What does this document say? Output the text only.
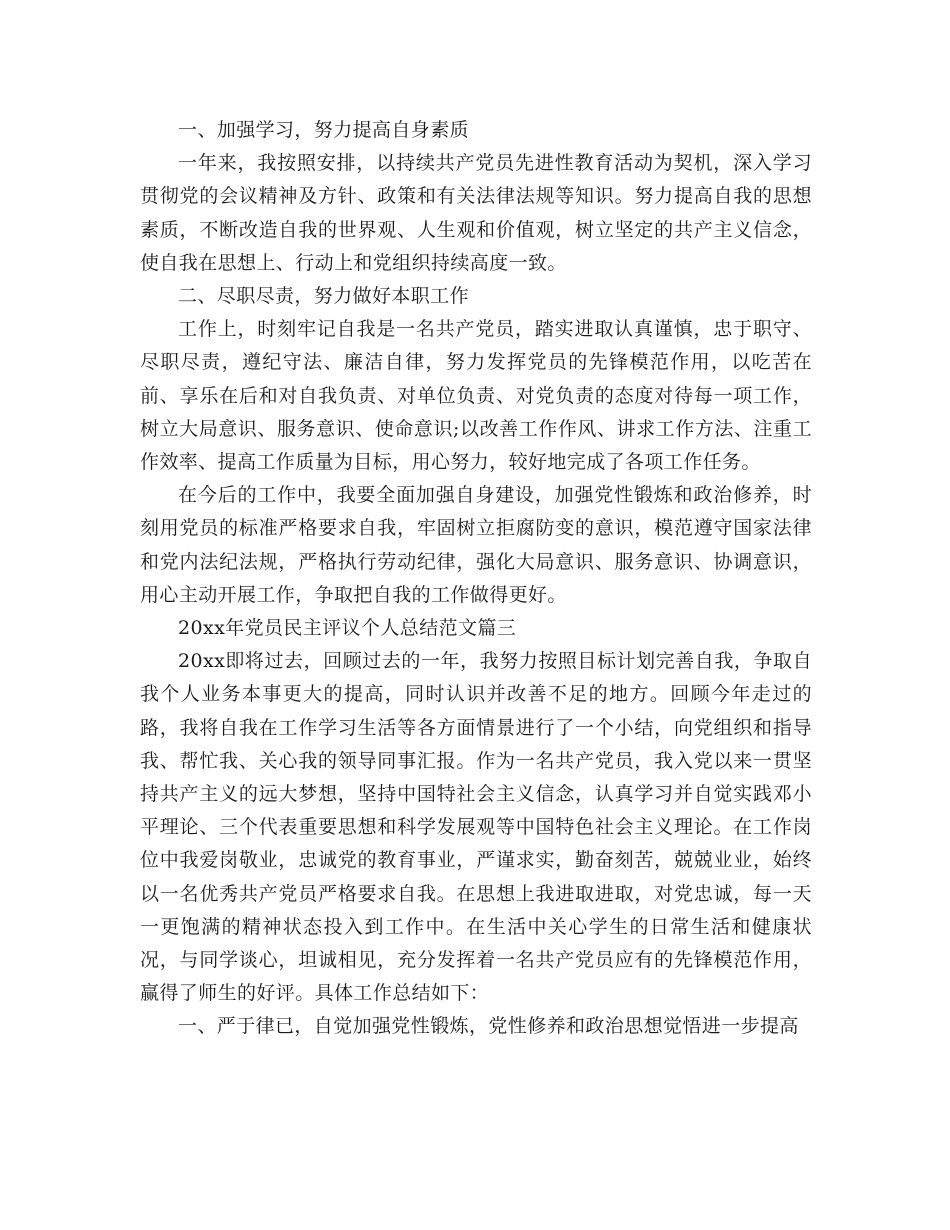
一、加强学习，努力提高自身素质

一年来，我按照安排，以持续共产党员先进性教育活动为契机，深入学习贯彻党的会议精神及方针、政策和有关法律法规等知识。努力提高自我的思想素质，不断改造自我的世界观、人生观和价值观，树立坚定的共产主义信念，使自我在思想上、行动上和党组织持续高度一致。

二、尽职尽责，努力做好本职工作

工作上，时刻牢记自我是一名共产党员，踏实进取认真谨慎，忠于职守、尽职尽责，遵纪守法、廉洁自律，努力发挥党员的先锋模范作用，以吃苦在前、享乐在后和对自我负责、对单位负责、对党负责的态度对待每一项工作，树立大局意识、服务意识、使命意识;以改善工作作风、讲求工作方法、注重工作效率、提高工作质量为目标，用心努力，较好地完成了各项工作任务。

在今后的工作中，我要全面加强自身建设，加强党性锻炼和政治修养，时刻用党员的标准严格要求自我，牢固树立拒腐防变的意识，模范遵守国家法律和党内法纪法规，严格执行劳动纪律，强化大局意识、服务意识、协调意识，用心主动开展工作，争取把自我的工作做得更好。

20xx年党员民主评议个人总结范文篇三

20xx即将过去，回顾过去的一年，我努力按照目标计划完善自我，争取自我个人业务本事更大的提高，同时认识并改善不足的地方。回顾今年走过的路，我将自我在工作学习生活等各方面情景进行了一个小结，向党组织和指导我、帮忙我、关心我的领导同事汇报。作为一名共产党员，我入党以来一贯坚持共产主义的远大梦想，坚持中国特社会主义信念，认真学习并自觉实践邓小平理论、三个代表重要思想和科学发展观等中国特色社会主义理论。在工作岗位中我爱岗敬业，忠诚党的教育事业，严谨求实，勤奋刻苦，兢兢业业，始终以一名优秀共产党员严格要求自我。在思想上我进取进取，对党忠诚，每一天一更饱满的精神状态投入到工作中。在生活中关心学生的日常生活和健康状况，与同学谈心，坦诚相见，充分发挥着一名共产党员应有的先锋模范作用，赢得了师生的好评。具体工作总结如下：

一、严于律已，自觉加强党性锻炼，党性修养和政治思想觉悟进一步提高
